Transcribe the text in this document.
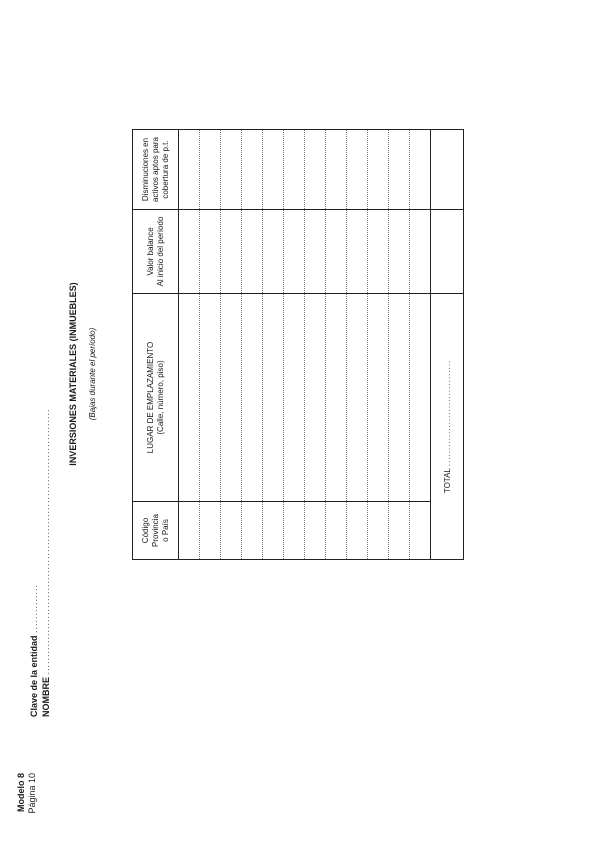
Modelo 8 Página 10
Clave de la entidad ..............
NOMBRE ............................................................................
INVERSIONES MATERIALES (INMUEBLES) (Bajas durante el período)
Código Provincia o País	LUGAR DE EMPLAZAMIENTO (Calle, número, piso)	Valor balance Al inicio del período	Disminuciones en activos aptos para cobertura de p.t.

TOTAL .................................			
